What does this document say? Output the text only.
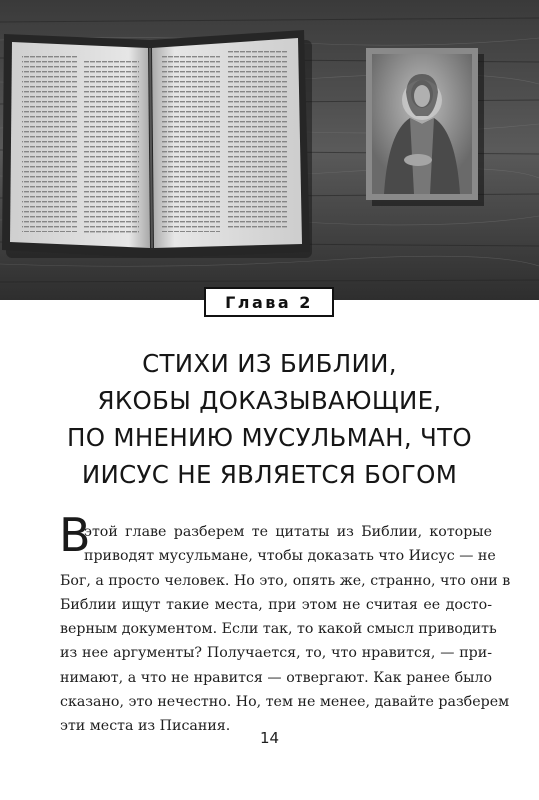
Глава 2
СТИХИ ИЗ БИБЛИИ,
ЯКОБЫ ДОКАЗЫВАЮЩИЕ,
ПО МНЕНИЮ МУСУЛЬМАН, ЧТО
ИИСУС НЕ ЯВЛЯЕТСЯ БОГОМ
В
этой главе разберем те цитаты из Библии, которые
приводят мусульмане, чтобы доказать что Иисус — не
Бог, а просто человек. Но это, опять же, странно, что они в
Библии ищут такие места, при этом не считая ее досто-
верным документом. Если так, то какой смысл приводить
из нее аргументы? Получается, то, что нравится, — при-
нимают, а что не нравится — отвергают. Как ранее было
сказано, это нечестно. Но, тем не менее, давайте разберем
эти места из Писания.
14
